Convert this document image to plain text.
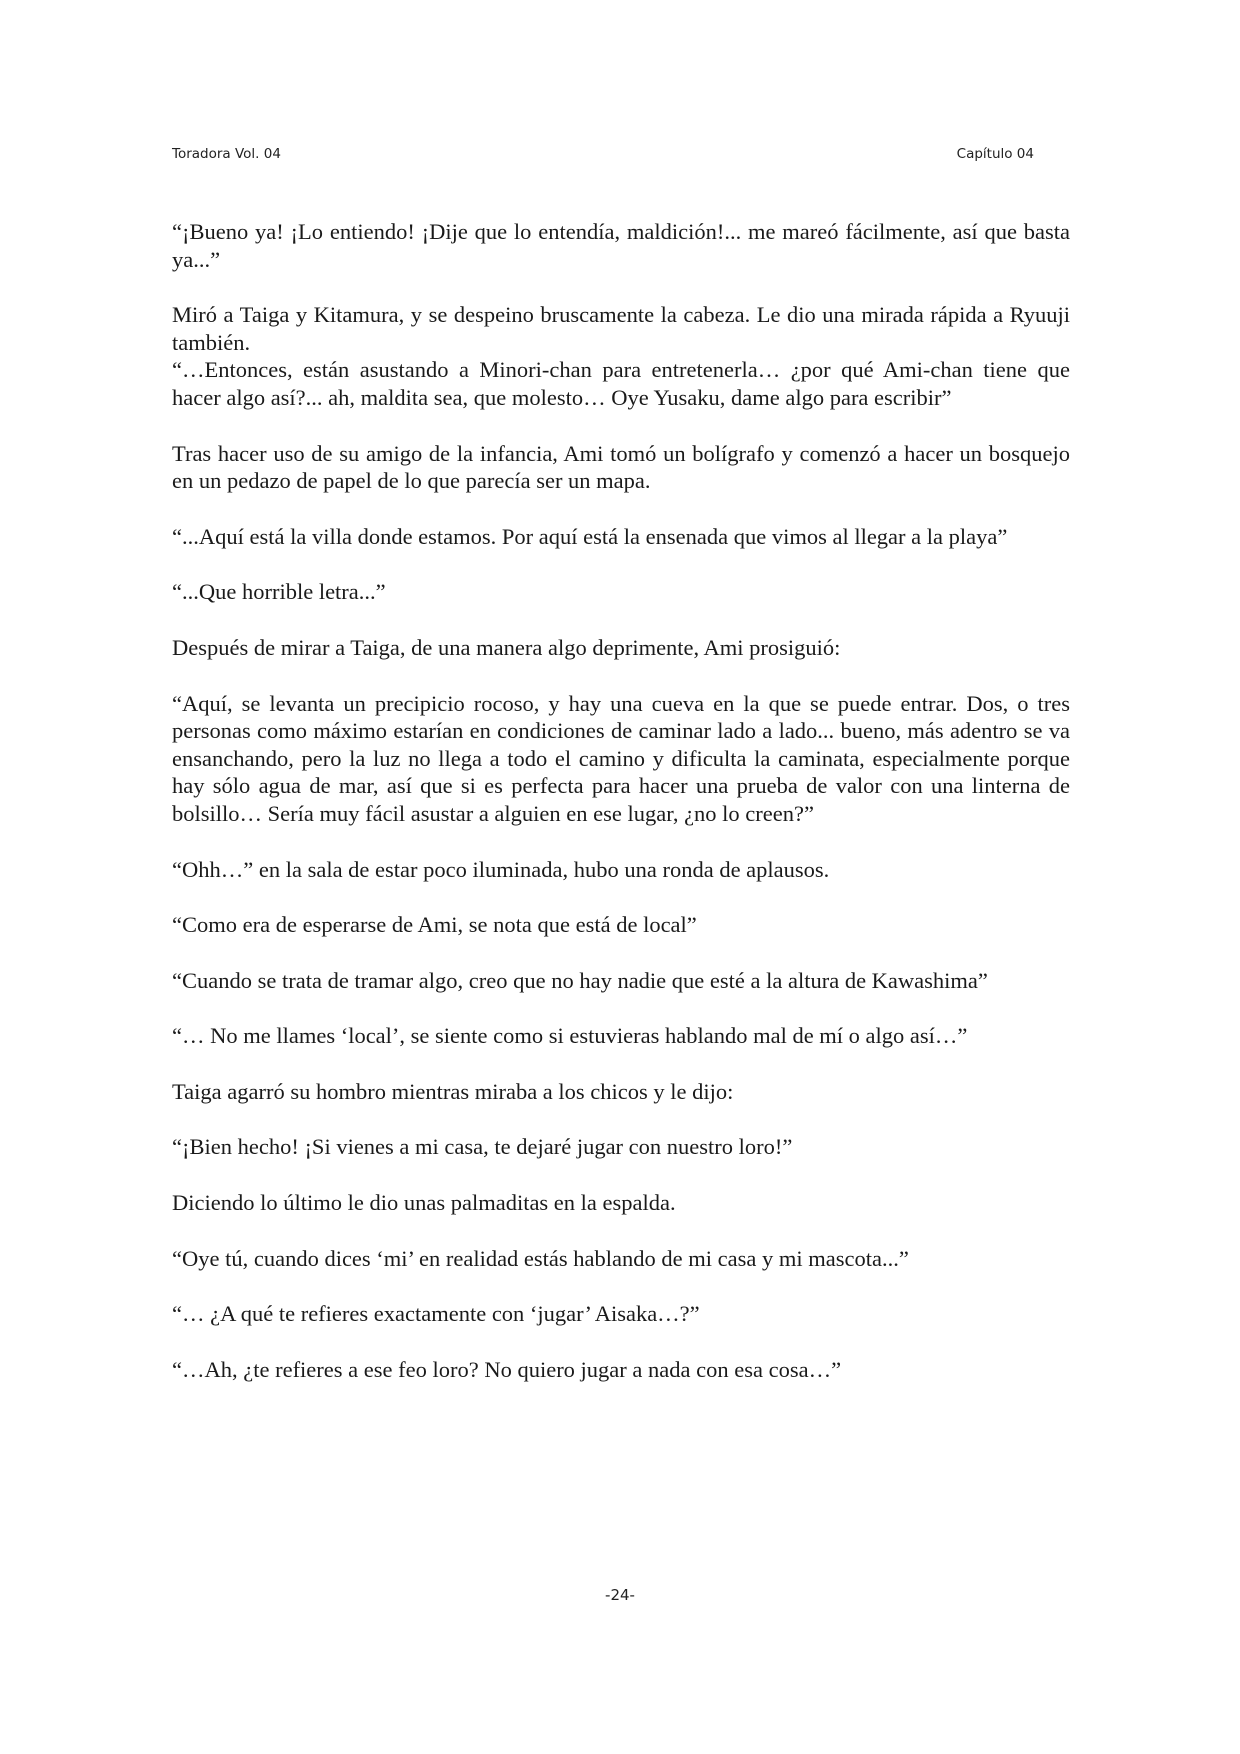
Toradora Vol. 04	Capítulo 04

“¡Bueno ya! ¡Lo entiendo! ¡Dije que lo entendía, maldición!... me mareó fácilmente, así que basta ya...”

Miró a Taiga y Kitamura, y se despeino bruscamente la cabeza. Le dio una mirada rápida a Ryuuji también.

“…Entonces, están asustando a Minori-chan para entretenerla… ¿por qué Ami-chan tiene que hacer algo así?... ah, maldita sea, que molesto… Oye Yusaku, dame algo para escribir”

Tras hacer uso de su amigo de la infancia, Ami tomó un bolígrafo y comenzó a hacer un bosquejo en un pedazo de papel de lo que parecía ser un mapa.

“...Aquí está la villa donde estamos. Por aquí está la ensenada que vimos al llegar a la playa”

“...Que horrible letra...”

Después de mirar a Taiga, de una manera algo deprimente, Ami prosiguió:

“Aquí, se levanta un precipicio rocoso, y hay una cueva en la que se puede entrar. Dos, o tres personas como máximo estarían en condiciones de caminar lado a lado... bueno, más adentro se va ensanchando, pero la luz no llega a todo el camino y dificulta la caminata, especialmente porque hay sólo agua de mar, así que si es perfecta para hacer una prueba de valor con una linterna de bolsillo… Sería muy fácil asustar a alguien en ese lugar, ¿no lo creen?”

“Ohh…” en la sala de estar poco iluminada, hubo una ronda de aplausos.

“Como era de esperarse de Ami, se nota que está de local”

“Cuando se trata de tramar algo, creo que no hay nadie que esté a la altura de Kawashima”

“… No me llames ‘local’, se siente como si estuvieras hablando mal de mí o algo así…”

Taiga agarró su hombro mientras miraba a los chicos y le dijo:

“¡Bien hecho! ¡Si vienes a mi casa, te dejaré jugar con nuestro loro!”

Diciendo lo último le dio unas palmaditas en la espalda.

“Oye tú, cuando dices ‘mi’ en realidad estás hablando de mi casa y mi mascota...”

“… ¿A qué te refieres exactamente con ‘jugar’ Aisaka…?”

“…Ah, ¿te refieres a ese feo loro? No quiero jugar a nada con esa cosa…”

-24-
